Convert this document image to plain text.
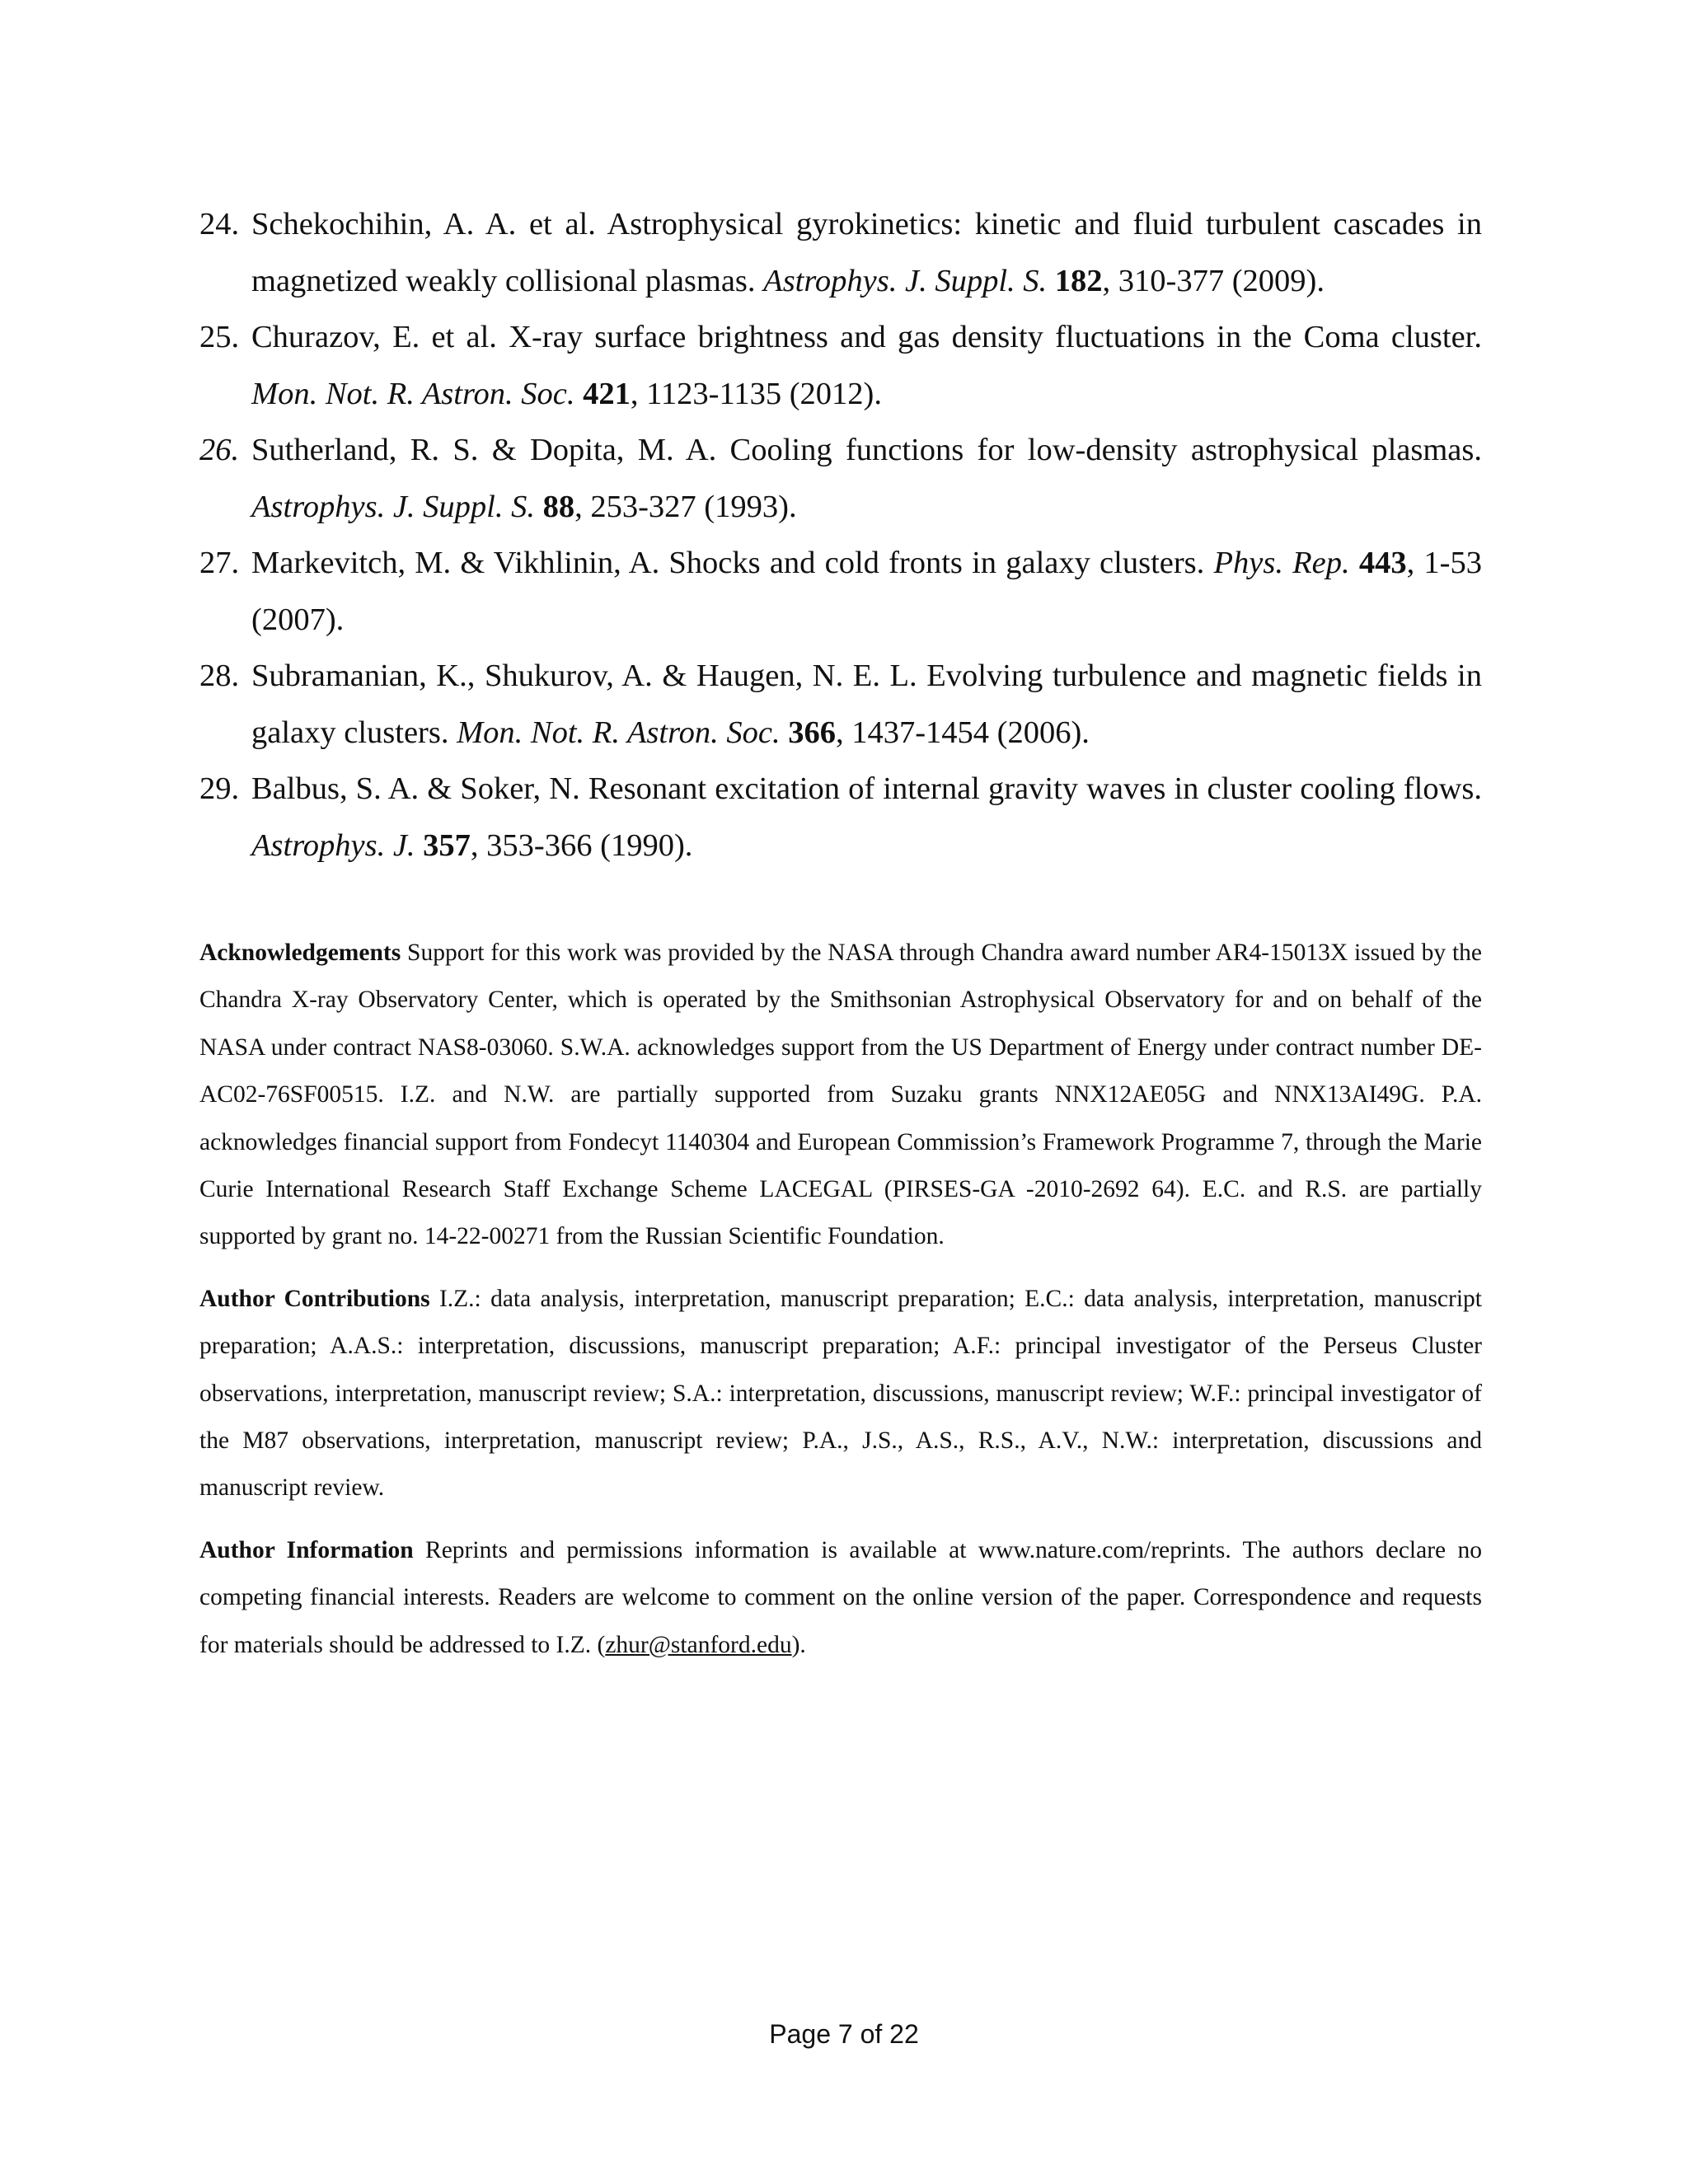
24. Schekochihin, A. A. et al. Astrophysical gyrokinetics: kinetic and fluid turbulent cascades in magnetized weakly collisional plasmas. Astrophys. J. Suppl. S. 182, 310-377 (2009).
25. Churazov, E. et al. X-ray surface brightness and gas density fluctuations in the Coma cluster. Mon. Not. R. Astron. Soc. 421, 1123-1135 (2012).
26. Sutherland, R. S. & Dopita, M. A. Cooling functions for low-density astrophysical plasmas. Astrophys. J. Suppl. S. 88, 253-327 (1993).
27. Markevitch, M. & Vikhlinin, A. Shocks and cold fronts in galaxy clusters. Phys. Rep. 443, 1-53 (2007).
28. Subramanian, K., Shukurov, A. & Haugen, N. E. L. Evolving turbulence and magnetic fields in galaxy clusters. Mon. Not. R. Astron. Soc. 366, 1437-1454 (2006).
29. Balbus, S. A. & Soker, N. Resonant excitation of internal gravity waves in cluster cooling flows. Astrophys. J. 357, 353-366 (1990).

Acknowledgements Support for this work was provided by the NASA through Chandra award number AR4-15013X issued by the Chandra X-ray Observatory Center, which is operated by the Smithsonian Astrophysical Observatory for and on behalf of the NASA under contract NAS8-03060. S.W.A. acknowledges support from the US Department of Energy under contract number DE-AC02-76SF00515. I.Z. and N.W. are partially supported from Suzaku grants NNX12AE05G and NNX13AI49G. P.A. acknowledges financial support from Fondecyt 1140304 and European Commission’s Framework Programme 7, through the Marie Curie International Research Staff Exchange Scheme LACEGAL (PIRSES-GA -2010-2692 64). E.C. and R.S. are partially supported by grant no. 14-22-00271 from the Russian Scientific Foundation.

Author Contributions I.Z.: data analysis, interpretation, manuscript preparation; E.C.: data analysis, interpretation, manuscript preparation; A.A.S.: interpretation, discussions, manuscript preparation; A.F.: principal investigator of the Perseus Cluster observations, interpretation, manuscript review; S.A.: interpretation, discussions, manuscript review; W.F.: principal investigator of the M87 observations, interpretation, manuscript review; P.A., J.S., A.S., R.S., A.V., N.W.: interpretation, discussions and manuscript review.

Author Information Reprints and permissions information is available at www.nature.com/reprints. The authors declare no competing financial interests. Readers are welcome to comment on the online version of the paper. Correspondence and requests for materials should be addressed to I.Z. (zhur@stanford.edu).

Page 7 of 22
